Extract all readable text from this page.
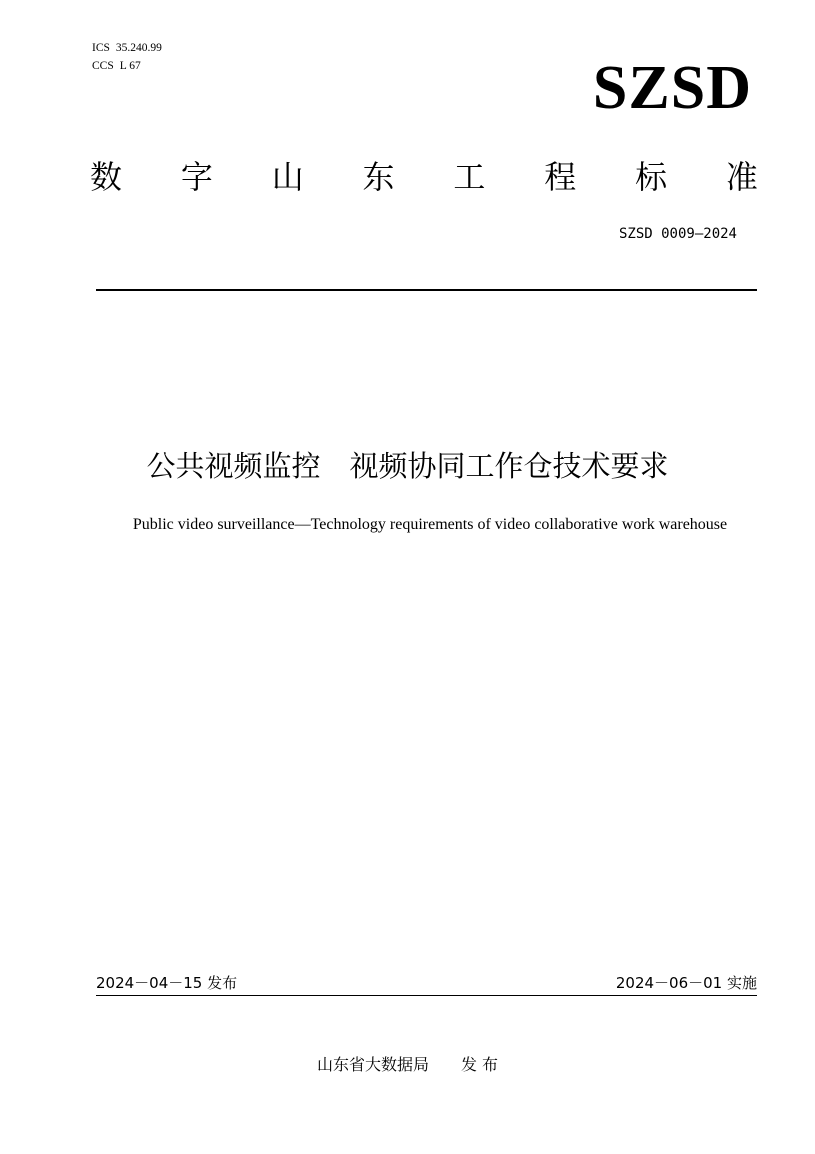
ICS 35.240.99
CCS L 67	SZSD
数 字 山 东 工 程 标 准
SZSD 0009—2024
公共视频监控　视频协同工作仓技术要求
Public video surveillance—Technology requirements of video collaborative work warehouse
2024－04－15 发布	2024－06－01 实施
山东省大数据局　　发 布
